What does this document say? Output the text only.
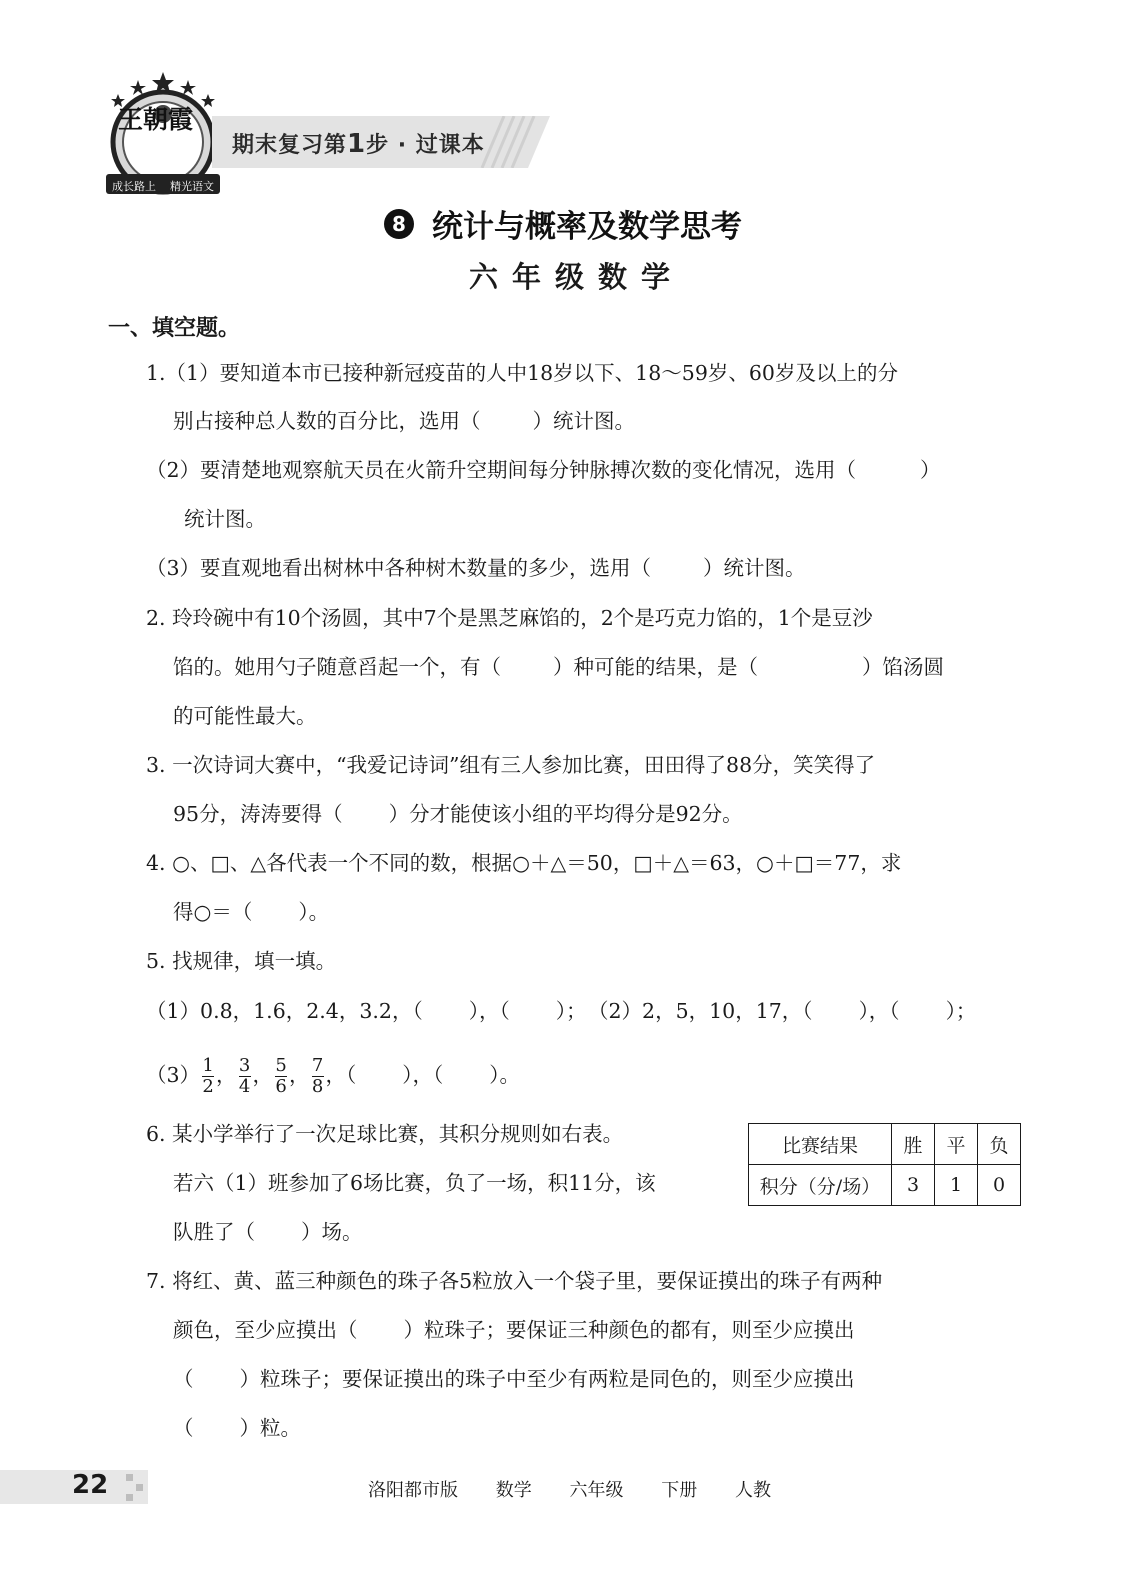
王朝霞
成长路上 精光语文
期末复习第1步 · 过课本
8 统计与概率及数学思考
六年级数学
一、填空题。
1.（1）要知道本市已接种新冠疫苗的人中18岁以下、18～59岁、60岁及以上的分
别占接种总人数的百分比，选用（	）统计图。
（2）要清楚地观察航天员在火箭升空期间每分钟脉搏次数的变化情况，选用（	）
统计图。
（3）要直观地看出树林中各种树木数量的多少，选用（	）统计图。
2. 玲玲碗中有10个汤圆，其中7个是黑芝麻馅的，2个是巧克力馅的，1个是豆沙
馅的。她用勺子随意舀起一个，有（	）种可能的结果，是（	）馅汤圆
的可能性最大。
3. 一次诗词大赛中，“我爱记诗词”组有三人参加比赛，田田得了88分，笑笑得了
95分，涛涛要得（ ）分才能使该小组的平均得分是92分。
4. ○、□、△各代表一个不同的数，根据○＋△＝50，□＋△＝63，○＋□＝77，求
得○＝（ ）。
5. 找规律，填一填。
（1）0.8，1.6，2.4，3.2，（ ），（ ）； （2）2，5，10，17，（ ），（ ）；
$(3) \frac{1}{2}$ ， $\frac{3}{4}$ ， $\frac{5}{6}$ ， $\frac{7}{8}$ ，（ ），（ ）。
6. 某小学举行了一次足球比赛，其积分规则如右表。
若六（1）班参加了6场比赛，负了一场，积11分，该
队胜了（ ）场。
比赛结果	胜	平	负
积分（分/场）	3	1	0
7. 将红、黄、蓝三种颜色的珠子各5粒放入一个袋子里，要保证摸出的珠子有两种
颜色，至少应摸出（ ）粒珠子；要保证三种颜色的都有，则至少应摸出
（ ）粒珠子；要保证摸出的珠子中至少有两粒是同色的，则至少应摸出
（ ）粒。
22	洛阳都市版 数学 六年级 下册 人教
